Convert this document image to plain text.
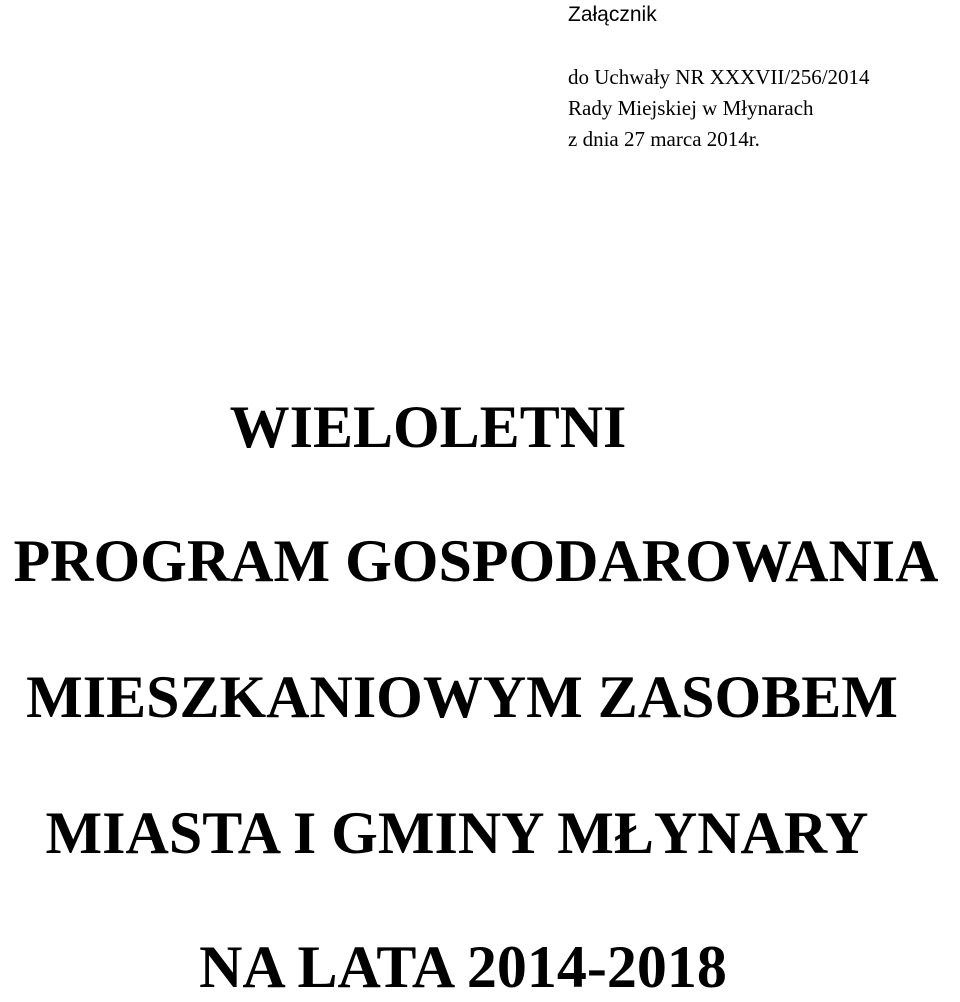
Załącznik
do Uchwały NR XXXVII/256/2014
Rady Miejskiej w Młynarach
z dnia 27 marca 2014r.
WIELOLETNI
PROGRAM GOSPODAROWANIA
MIESZKANIOWYM ZASOBEM
MIASTA I GMINY MŁYNARY
NA LATA 2014-2018
